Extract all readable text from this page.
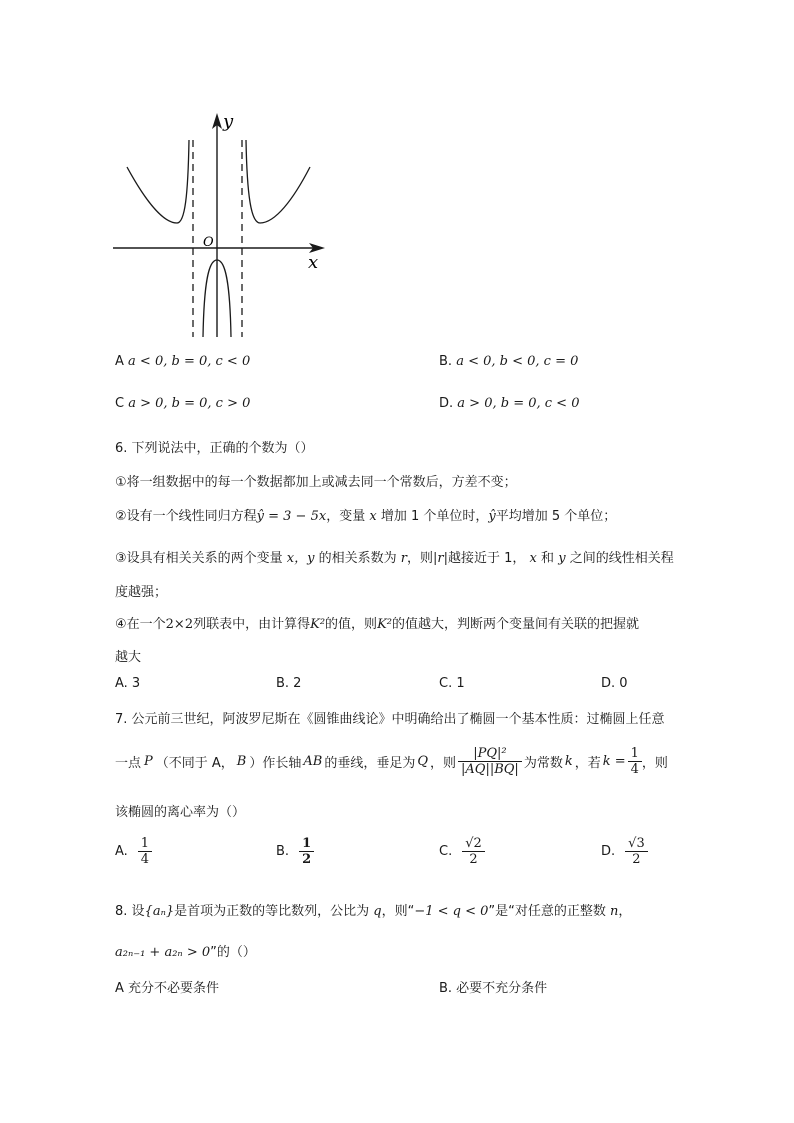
y
x
O
A a < 0, b = 0, c < 0	B. a < 0, b < 0, c = 0
C a > 0, b = 0, c > 0	D. a > 0, b = 0, c < 0
6. 下列说法中，正确的个数为（）
①将一组数据中的每一个数据都加上或减去同一个常数后，方差不变；
②设有一个线性同归方程ŷ = 3 − 5x，变量 x 增加 1 个单位时，ŷ平均增加 5 个单位；
③设具有相关关系的两个变量 x，y 的相关系数为 r，则|r|越接近于 1， x 和 y 之间的线性相关程
度越强；
④在一个2×2列联表中，由计算得K²的值，则K²的值越大，判断两个变量间有关联的把握就
越大
A. 3	B. 2	C. 1	D. 0
7. 公元前三世纪，阿波罗尼斯在《圆锥曲线论》中明确给出了椭圆一个基本性质：过椭圆上任意
一点 P （不同于 A， B ）作长轴 AB 的垂线，垂足为 Q ，则 $\frac{\text{|PQ|²}}{|AQ||BQ|}$ 为常数 k ，若 $k = \frac{1}{4}$ ，则
该椭圆的离心率为（）
A. $\frac{1}{4}$	B. $\frac{1}{2}$	C. $\frac{√2}{2}$	D. $\frac{√3}{2}$
8. 设{aₙ}是首项为正数的等比数列，公比为 q，则“−1 < q < 0”是“对任意的正整数 n，
a₂ₙ₋₁ + a₂ₙ > 0”的（）
A 充分不必要条件	B. 必要不充分条件
